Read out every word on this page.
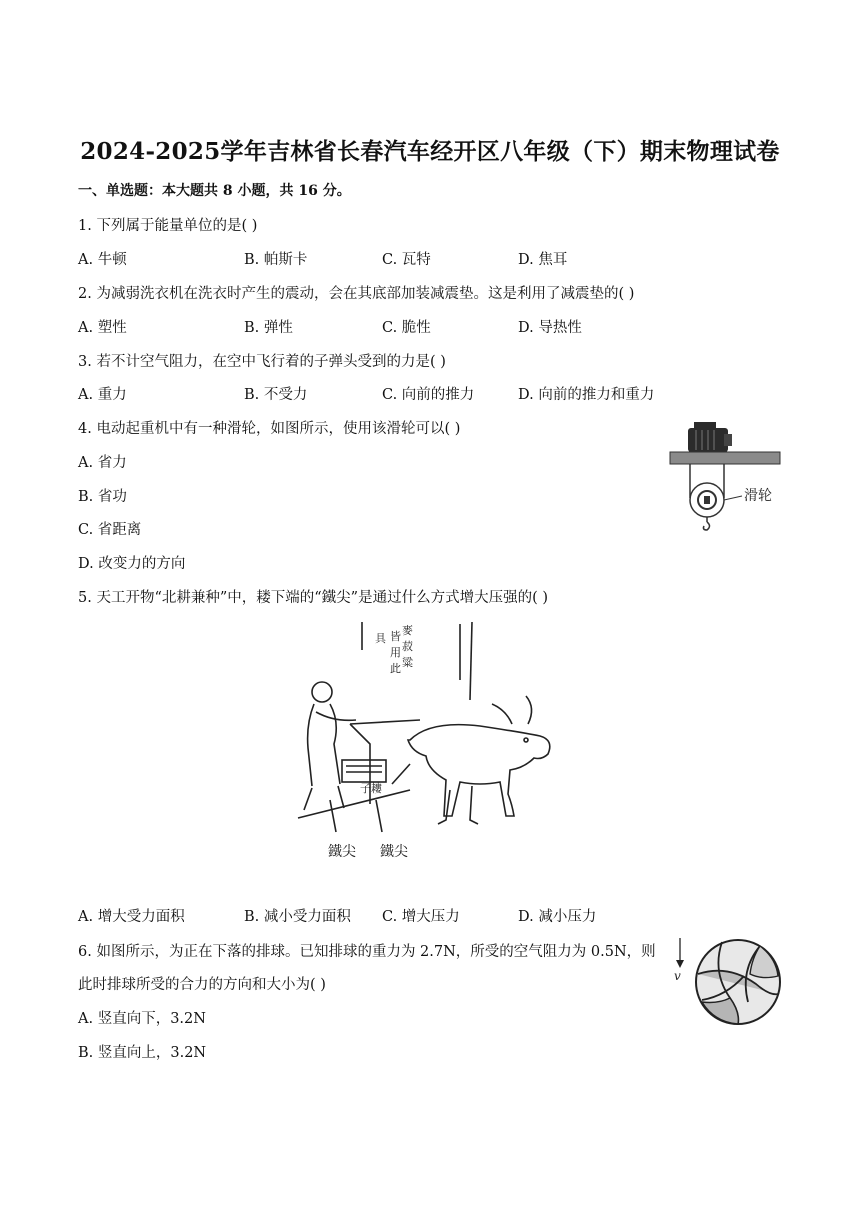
2024-2025学年吉林省长春汽车经开区八年级（下）期末物理试卷
一、单选题：本大题共 8 小题，共 16 分。
1. 下列属于能量单位的是( )
A. 牛顿	B. 帕斯卡	C. 瓦特	D. 焦耳
2. 为减弱洗衣机在洗衣时产生的震动，会在其底部加装减震垫。这是利用了减震垫的( )
A. 塑性	B. 弹性	C. 脆性	D. 导热性
3. 若不计空气阻力，在空中飞行着的子弹头受到的力是( )
A. 重力	B. 不受力	C. 向前的推力	D. 向前的推力和重力
4. 电动起重机中有一种滑轮，如图所示，使用该滑轮可以( )
A. 省力
B. 省功
C. 省距离
D. 改变力的方向
滑轮
5. 天工开物“北耕兼种”中，耧下端的“鐵尖”是通过什么方式增大压强的( )
具 皆
用
此
麥
菽
粱
子耬
鐵尖 鐵尖
A. 增大受力面积	B. 减小受力面积 C. 增大压力	D. 减小压力
6. 如图所示，为正在下落的排球。已知排球的重力为 2.7N，所受的空气阻力为 0.5N，则
此时排球所受的合力的方向和大小为( )
A. 竖直向下，3.2N
B. 竖直向上，3.2N
v
